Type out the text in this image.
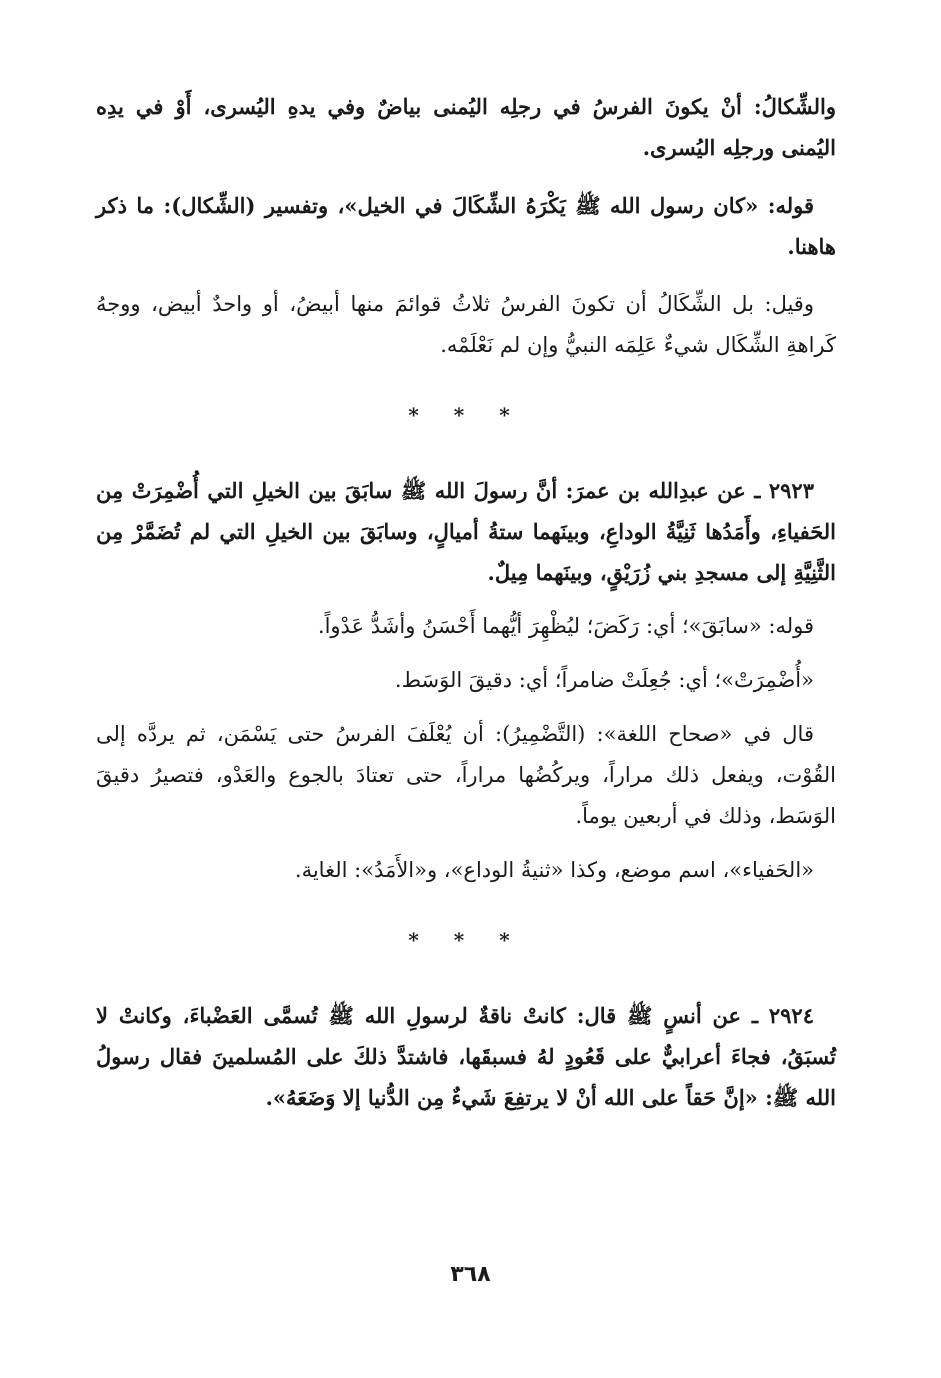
والشِّكالُ: أنْ يكونَ الفرسُ في رجلِه اليُمنى بياضٌ وفي يدهِ اليُسرى، أَوْ في يدِه اليُمنى ورجلِه اليُسرى.

قوله: «كان رسول الله ﷺ يَكْرَهُ الشِّكَالَ في الخيل»، وتفسير (الشِّكال): ما ذكر هاهنا.

وقيل: بل الشِّكَالُ أن تكونَ الفرسُ ثلاثُ قوائمَ منها أبيضُ، أو واحدٌ أبيض، ووجهُ كَراهةِ الشِّكَال شيءٌ عَلِمَه النبيُّ وإن لم نَعْلَمْه.

* * *

٢٩٢٣ ـ عن عبدِالله بن عمرَ: أنَّ رسولَ الله ﷺ سابَقَ بين الخيلِ التي أُضْمِرَتْ مِن الحَفياءِ، وأَمَدُها ثَنِيَّةُ الوداعِ، وبينَهما ستةُ أميالٍ، وسابَقَ بين الخيلِ التي لم تُضَمَّرْ مِن الثَّنِيَّةِ إلى مسجدِ بني زُرَيْقٍ، وبينَهما مِيلٌ.

قوله: «سابَقَ»؛ أي: رَكَضَ؛ ليُظْهِرَ أيُّهما أَحْسَنُ وأشَدُّ عَدْواً.

«أُضْمِرَتْ»؛ أي: جُعِلَتْ ضامراً؛ أي: دقيقَ الوَسَط.

قال في «صحاح اللغة»: (التَّضْمِيرُ): أن يُعْلَفَ الفرسُ حتى يَسْمَن، ثم يردَّه إلى القُوْت، ويفعل ذلك مراراً، ويركُضُها مراراً، حتى تعتادَ بالجوع والعَدْو، فتصيرُ دقيقَ الوَسَط، وذلك في أربعين يوماً.

«الحَفياء»، اسم موضع، وكذا «ثنيةُ الوداع»، و«الأَمَدُ»: الغاية.

* * *

٢٩٢٤ ـ عن أنسٍ ﷺ قال: كانتْ ناقةٌ لرسولِ الله ﷺ تُسمَّى العَضْباءَ، وكانتْ لا تُسبَقُ، فجاءَ أعرابيٌّ على قَعُودٍ لهُ فسبقَها، فاشتدَّ ذلكَ على المُسلمينَ فقال رسولُ الله ﷺ: «إنَّ حَقاً على الله أنْ لا يرتفِعَ شَيءٌ مِن الدُّنيا إلا وَضَعَهُ».

٣٦٨
